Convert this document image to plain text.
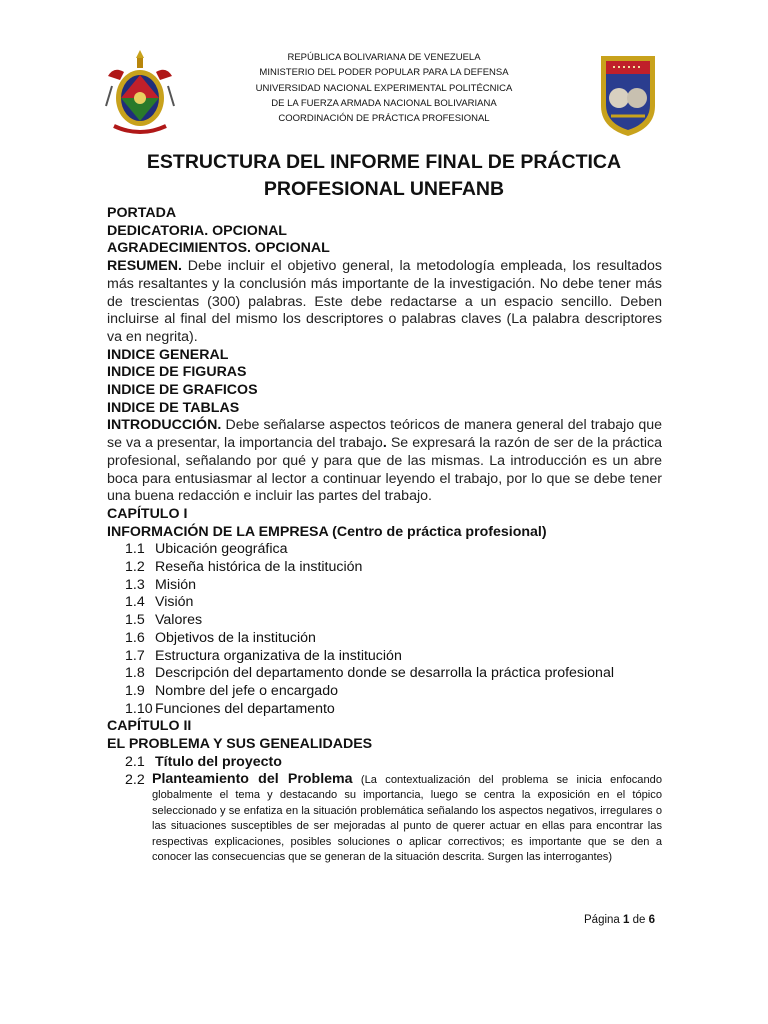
REPÚBLICA BOLIVARIANA DE VENEZUELA
MINISTERIO DEL PODER POPULAR PARA LA DEFENSA
UNIVERSIDAD NACIONAL EXPERIMENTAL POLITÉCNICA
DE LA FUERZA ARMADA NACIONAL BOLIVARIANA
COORDINACIÓN DE PRÁCTICA PROFESIONAL
ESTRUCTURA DEL INFORME FINAL DE PRÁCTICA
PROFESIONAL UNEFANB
PORTADA
DEDICATORIA. OPCIONAL
AGRADECIMIENTOS. OPCIONAL
RESUMEN. Debe incluir el objetivo general, la metodología empleada, los resultados más resaltantes y la conclusión más importante de la investigación. No debe tener más de trescientas (300) palabras. Este debe redactarse a un espacio sencillo. Deben incluirse al final del mismo los descriptores o palabras claves (La palabra descriptores va en negrita).
INDICE GENERAL
INDICE DE FIGURAS
INDICE DE GRAFICOS
INDICE DE TABLAS
INTRODUCCIÓN. Debe señalarse aspectos teóricos de manera general del trabajo que se va a presentar, la importancia del trabajo. Se expresará la razón de ser de la práctica profesional, señalando por qué y para que de las mismas. La introducción es un abre boca para entusiasmar al lector a continuar leyendo el trabajo, por lo que se debe tener una buena redacción e incluir las partes del trabajo.
CAPÍTULO I
INFORMACIÓN DE LA EMPRESA (Centro de práctica profesional)
1.1 Ubicación geográfica
1.2 Reseña histórica de la institución
1.3 Misión
1.4 Visión
1.5 Valores
1.6 Objetivos de la institución
1.7 Estructura organizativa de la institución
1.8 Descripción del departamento donde se desarrolla la práctica profesional
1.9 Nombre del jefe o encargado
1.10 Funciones del departamento
CAPÍTULO II
EL PROBLEMA Y SUS GENEALIDADES
2.1 Título del proyecto
2.2 Planteamiento del Problema (La contextualización del problema se inicia enfocando globalmente el tema y destacando su importancia, luego se centra la exposición en el tópico seleccionado y se enfatiza en la situación problemática señalando los aspectos negativos, irregulares o las situaciones susceptibles de ser mejoradas al punto de querer actuar en ellas para encontrar las respectivas explicaciones, posibles soluciones o aplicar correctivos; es importante que se den a conocer las consecuencias que se generan de la situación descrita. Surgen las interrogantes)
Página 1 de 6
